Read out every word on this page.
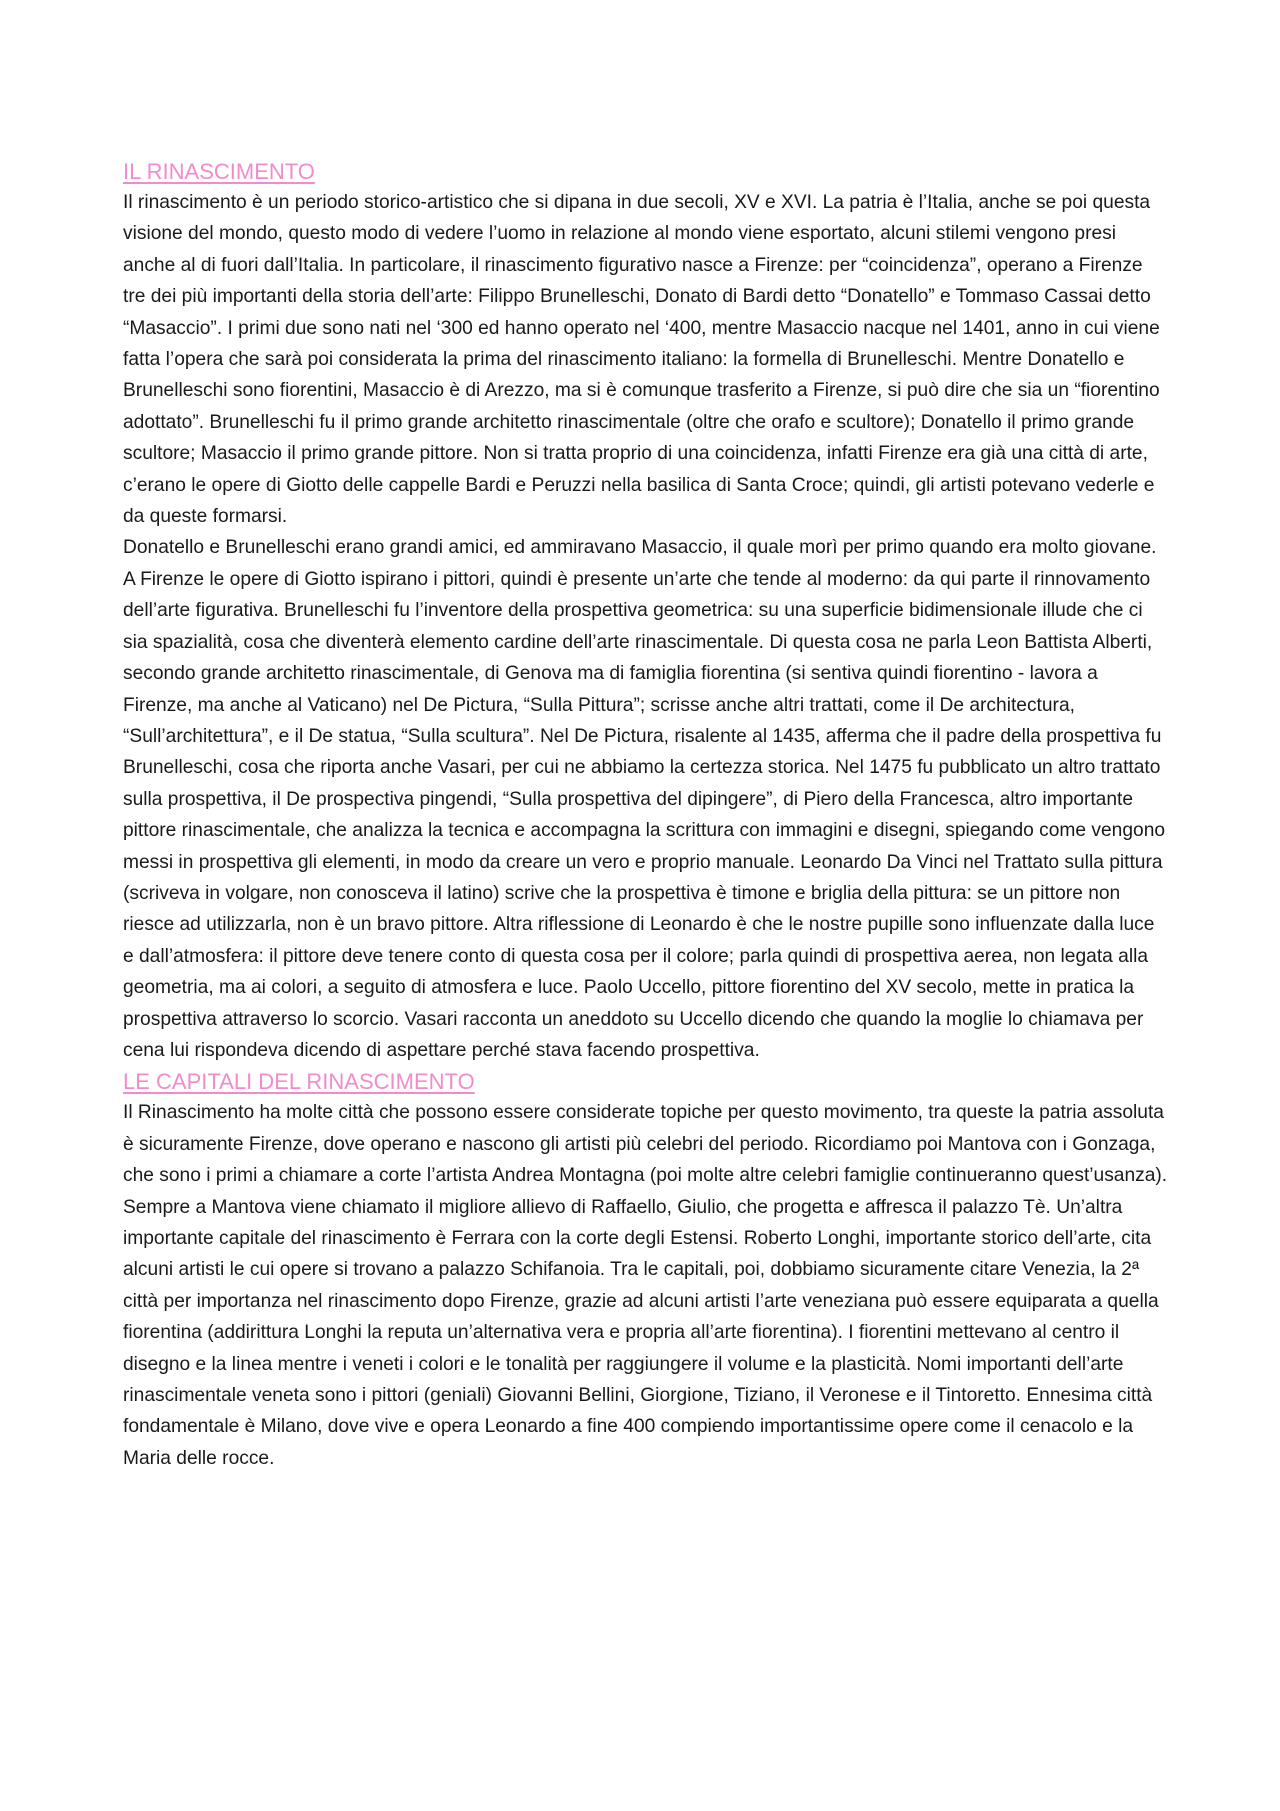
IL RINASCIMENTO

Il rinascimento è un periodo storico-artistico che si dipana in due secoli, XV e XVI. La patria è l’Italia, anche se poi questa visione del mondo, questo modo di vedere l’uomo in relazione al mondo viene esportato, alcuni stilemi vengono presi anche al di fuori dall’Italia. In particolare, il rinascimento figurativo nasce a Firenze: per “coincidenza”, operano a Firenze tre dei più importanti della storia dell’arte: Filippo Brunelleschi, Donato di Bardi detto “Donatello” e Tommaso Cassai detto “Masaccio”. I primi due sono nati nel ‘300 ed hanno operato nel ‘400, mentre Masaccio nacque nel 1401, anno in cui viene fatta l’opera che sarà poi considerata la prima del rinascimento italiano: la formella di Brunelleschi. Mentre Donatello e Brunelleschi sono fiorentini, Masaccio è di Arezzo, ma si è comunque trasferito a Firenze, si può dire che sia un “fiorentino adottato”. Brunelleschi fu il primo grande architetto rinascimentale (oltre che orafo e scultore); Donatello il primo grande scultore; Masaccio il primo grande pittore. Non si tratta proprio di una coincidenza, infatti Firenze era già una città di arte, c’erano le opere di Giotto delle cappelle Bardi e Peruzzi nella basilica di Santa Croce; quindi, gli artisti potevano vederle e da queste formarsi.

Donatello e Brunelleschi erano grandi amici, ed ammiravano Masaccio, il quale morì per primo quando era molto giovane. A Firenze le opere di Giotto ispirano i pittori, quindi è presente un’arte che tende al moderno: da qui parte il rinnovamento dell’arte figurativa. Brunelleschi fu l’inventore della prospettiva geometrica: su una superficie bidimensionale illude che ci sia spazialità, cosa che diventerà elemento cardine dell’arte rinascimentale. Di questa cosa ne parla Leon Battista Alberti, secondo grande architetto rinascimentale, di Genova ma di famiglia fiorentina (si sentiva quindi fiorentino - lavora a Firenze, ma anche al Vaticano) nel De Pictura, “Sulla Pittura”; scrisse anche altri trattati, come il De architectura, “Sull’architettura”, e il De statua, “Sulla scultura”. Nel De Pictura, risalente al 1435, afferma che il padre della prospettiva fu Brunelleschi, cosa che riporta anche Vasari, per cui ne abbiamo la certezza storica. Nel 1475 fu pubblicato un altro trattato sulla prospettiva, il De prospectiva pingendi, “Sulla prospettiva del dipingere”, di Piero della Francesca, altro importante pittore rinascimentale, che analizza la tecnica e accompagna la scrittura con immagini e disegni, spiegando come vengono messi in prospettiva gli elementi, in modo da creare un vero e proprio manuale. Leonardo Da Vinci nel Trattato sulla pittura (scriveva in volgare, non conosceva il latino) scrive che la prospettiva è timone e briglia della pittura: se un pittore non riesce ad utilizzarla, non è un bravo pittore. Altra riflessione di Leonardo è che le nostre pupille sono influenzate dalla luce e dall’atmosfera: il pittore deve tenere conto di questa cosa per il colore; parla quindi di prospettiva aerea, non legata alla geometria, ma ai colori, a seguito di atmosfera e luce. Paolo Uccello, pittore fiorentino del XV secolo, mette in pratica la prospettiva attraverso lo scorcio. Vasari racconta un aneddoto su Uccello dicendo che quando la moglie lo chiamava per cena lui rispondeva dicendo di aspettare perché stava facendo prospettiva.

LE CAPITALI DEL RINASCIMENTO

Il Rinascimento ha molte città che possono essere considerate topiche per questo movimento, tra queste la patria assoluta è sicuramente Firenze, dove operano e nascono gli artisti più celebri del periodo. Ricordiamo poi Mantova con i Gonzaga, che sono i primi a chiamare a corte l’artista Andrea Montagna (poi molte altre celebri famiglie continueranno quest’usanza). Sempre a Mantova viene chiamato il migliore allievo di Raffaello, Giulio, che progetta e affresca il palazzo Tè. Un’altra importante capitale del rinascimento è Ferrara con la corte degli Estensi. Roberto Longhi, importante storico dell’arte, cita alcuni artisti le cui opere si trovano a palazzo Schifanoia. Tra le capitali, poi, dobbiamo sicuramente citare Venezia, la 2ª città per importanza nel rinascimento dopo Firenze, grazie ad alcuni artisti l’arte veneziana può essere equiparata a quella fiorentina (addirittura Longhi la reputa un’alternativa vera e propria all’arte fiorentina). I fiorentini mettevano al centro il disegno e la linea mentre i veneti i colori e le tonalità per raggiungere il volume e la plasticità. Nomi importanti dell’arte rinascimentale veneta sono i pittori (geniali) Giovanni Bellini, Giorgione, Tiziano, il Veronese e il Tintoretto. Ennesima città fondamentale è Milano, dove vive e opera Leonardo a fine 400 compiendo importantissime opere come il cenacolo e la Maria delle rocce.
